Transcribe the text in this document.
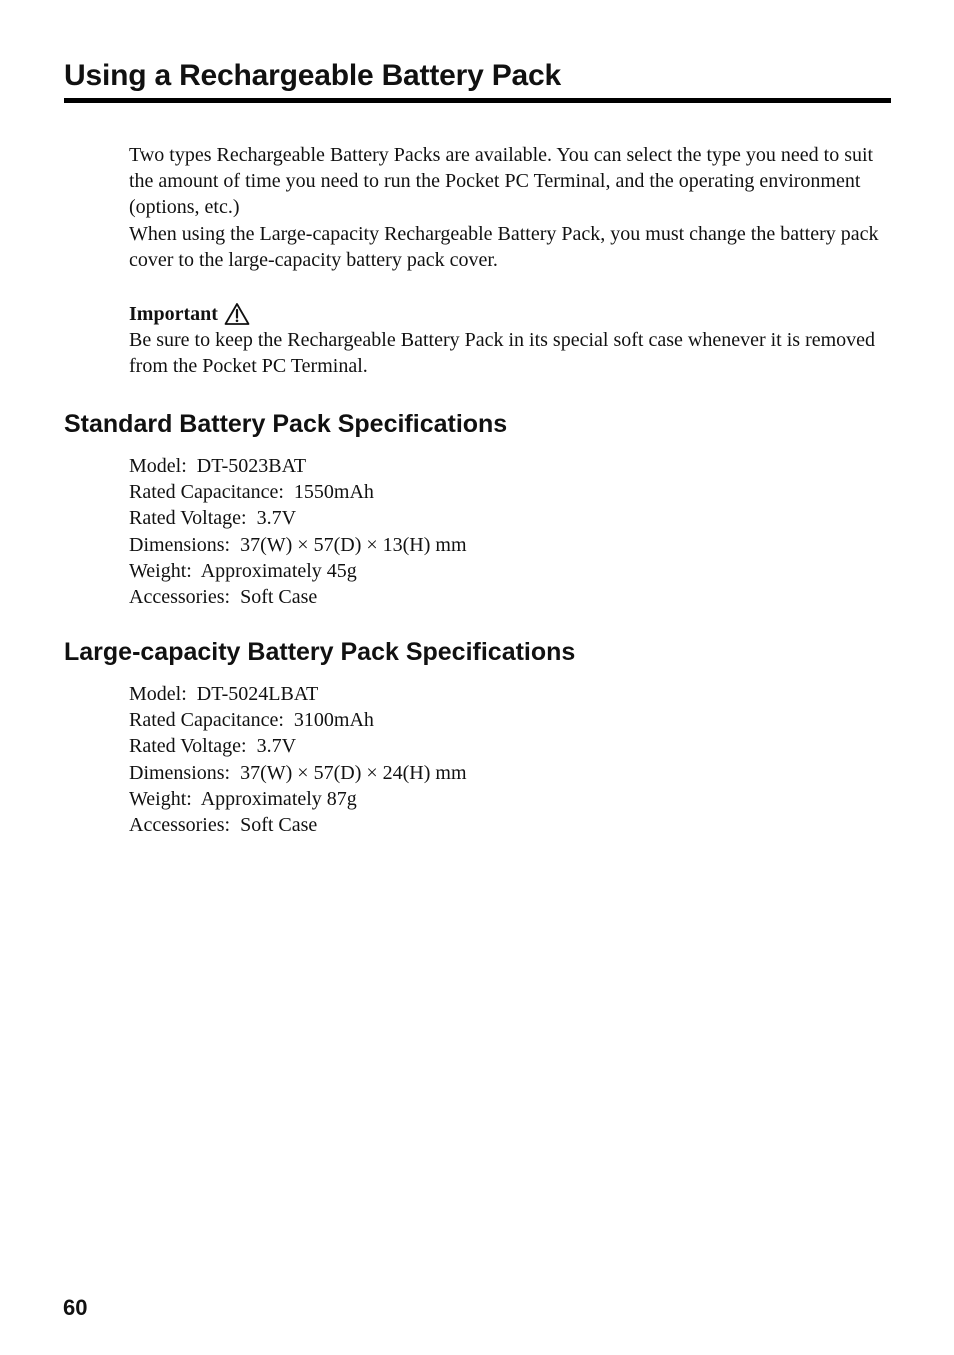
Using a Rechargeable Battery Pack

Two types Rechargeable Battery Packs are available. You can select the type you need to suit the amount of time you need to run the Pocket PC Terminal, and the operating environment (options, etc.)

When using the Large-capacity Rechargeable Battery Pack, you must change the battery pack cover to the large-capacity battery pack cover.

Important

Be sure to keep the Rechargeable Battery Pack in its special soft case whenever it is removed from the Pocket PC Terminal.

Standard Battery Pack Specifications
Model:  DT-5023BAT
Rated Capacitance:  1550mAh
Rated Voltage:  3.7V
Dimensions:  37(W) × 57(D) × 13(H) mm
Weight:  Approximately 45g
Accessories:  Soft Case
Large-capacity Battery Pack Specifications
Model:  DT-5024LBAT
Rated Capacitance:  3100mAh
Rated Voltage:  3.7V
Dimensions:  37(W) × 57(D) × 24(H) mm
Weight:  Approximately 87g
Accessories:  Soft Case
60
